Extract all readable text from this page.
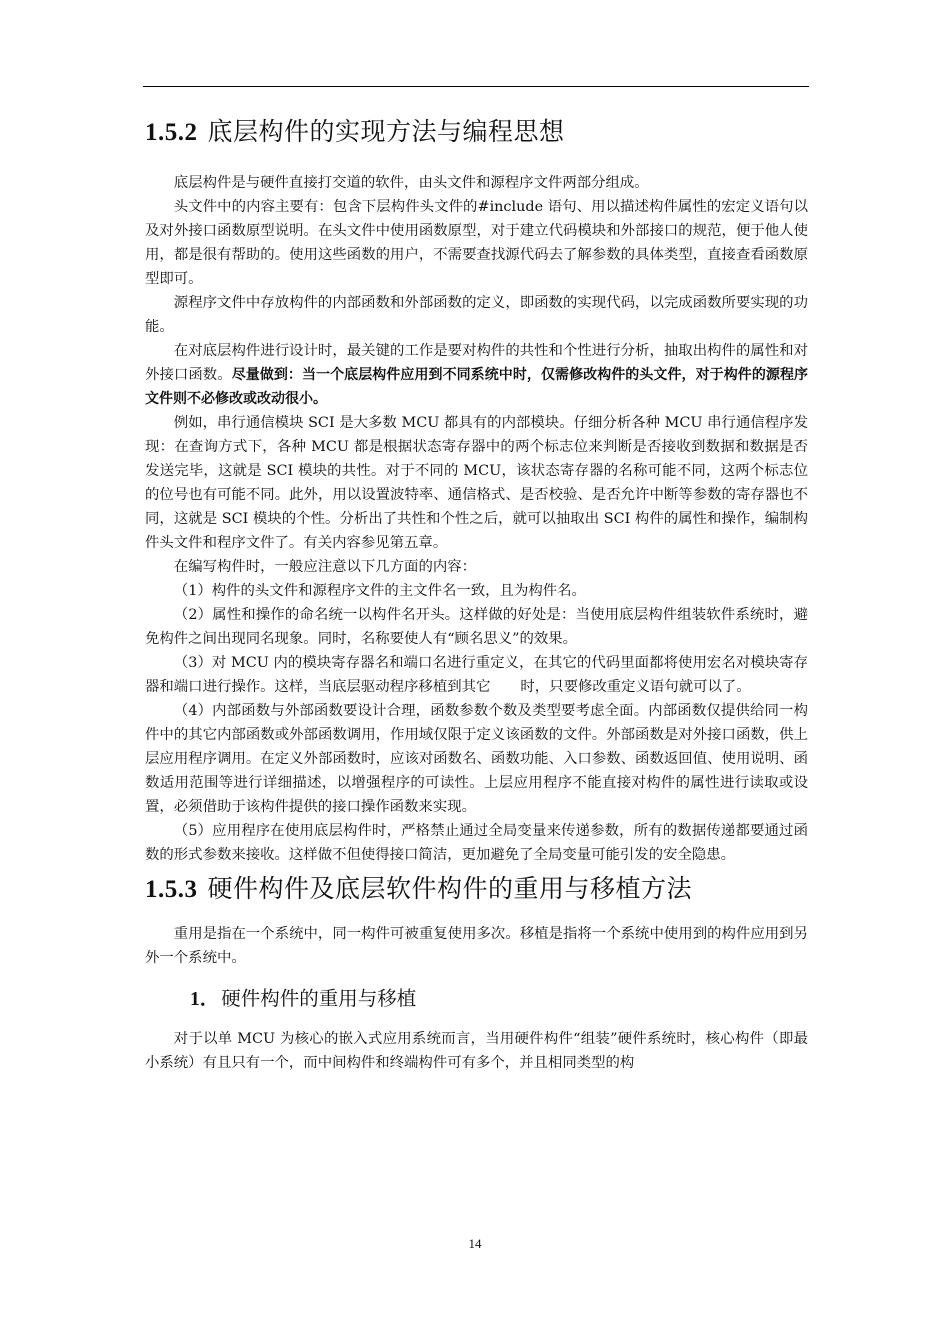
1.5.2 底层构件的实现方法与编程思想

底层构件是与硬件直接打交道的软件，由头文件和源程序文件两部分组成。

头文件中的内容主要有：包含下层构件头文件的#include 语句、用以描述构件属性的宏定义语句以及对外接口函数原型说明。在头文件中使用函数原型，对于建立代码模块和外部接口的规范，便于他人使用，都是很有帮助的。使用这些函数的用户，不需要查找源代码去了解参数的具体类型，直接查看函数原型即可。

源程序文件中存放构件的内部函数和外部函数的定义，即函数的实现代码，以完成函数所要实现的功能。

在对底层构件进行设计时，最关键的工作是要对构件的共性和个性进行分析，抽取出构件的属性和对外接口函数。尽量做到：当一个底层构件应用到不同系统中时，仅需修改构件的头文件，对于构件的源程序文件则不必修改或改动很小。

例如，串行通信模块 SCI 是大多数 MCU 都具有的内部模块。仔细分析各种 MCU 串行通信程序发现：在查询方式下，各种 MCU 都是根据状态寄存器中的两个标志位来判断是否接收到数据和数据是否发送完毕，这就是 SCI 模块的共性。对于不同的 MCU，该状态寄存器的名称可能不同，这两个标志位的位号也有可能不同。此外，用以设置波特率、通信格式、是否校验、是否允许中断等参数的寄存器也不同，这就是 SCI 模块的个性。分析出了共性和个性之后，就可以抽取出 SCI 构件的属性和操作，编制构件头文件和程序文件了。有关内容参见第五章。

在编写构件时，一般应注意以下几方面的内容：

（1）构件的头文件和源程序文件的主文件名一致，且为构件名。

（2）属性和操作的命名统一以构件名开头。这样做的好处是：当使用底层构件组装软件系统时，避免构件之间出现同名现象。同时，名称要使人有“顾名思义”的效果。

（3）对 MCU 内的模块寄存器名和端口名进行重定义，在其它的代码里面都将使用宏名对模块寄存器和端口进行操作。这样，当底层驱动程序移植到其它 时，只要修改重定义语句就可以了。

（4）内部函数与外部函数要设计合理，函数参数个数及类型要考虑全面。内部函数仅提供给同一构件中的其它内部函数或外部函数调用，作用域仅限于定义该函数的文件。外部函数是对外接口函数，供上层应用程序调用。在定义外部函数时，应该对函数名、函数功能、入口参数、函数返回值、使用说明、函数适用范围等进行详细描述，以增强程序的可读性。上层应用程序不能直接对构件的属性进行读取或设置，必须借助于该构件提供的接口操作函数来实现。

（5）应用程序在使用底层构件时，严格禁止通过全局变量来传递参数，所有的数据传递都要通过函数的形式参数来接收。这样做不但使得接口简洁，更加避免了全局变量可能引发的安全隐患。

1.5.3 硬件构件及底层软件构件的重用与移植方法

重用是指在一个系统中，同一构件可被重复使用多次。移植是指将一个系统中使用到的构件应用到另外一个系统中。

1． 硬件构件的重用与移植

对于以单 MCU 为核心的嵌入式应用系统而言，当用硬件构件“组装”硬件系统时，核心构件（即最小系统）有且只有一个，而中间构件和终端构件可有多个，并且相同类型的构

14
